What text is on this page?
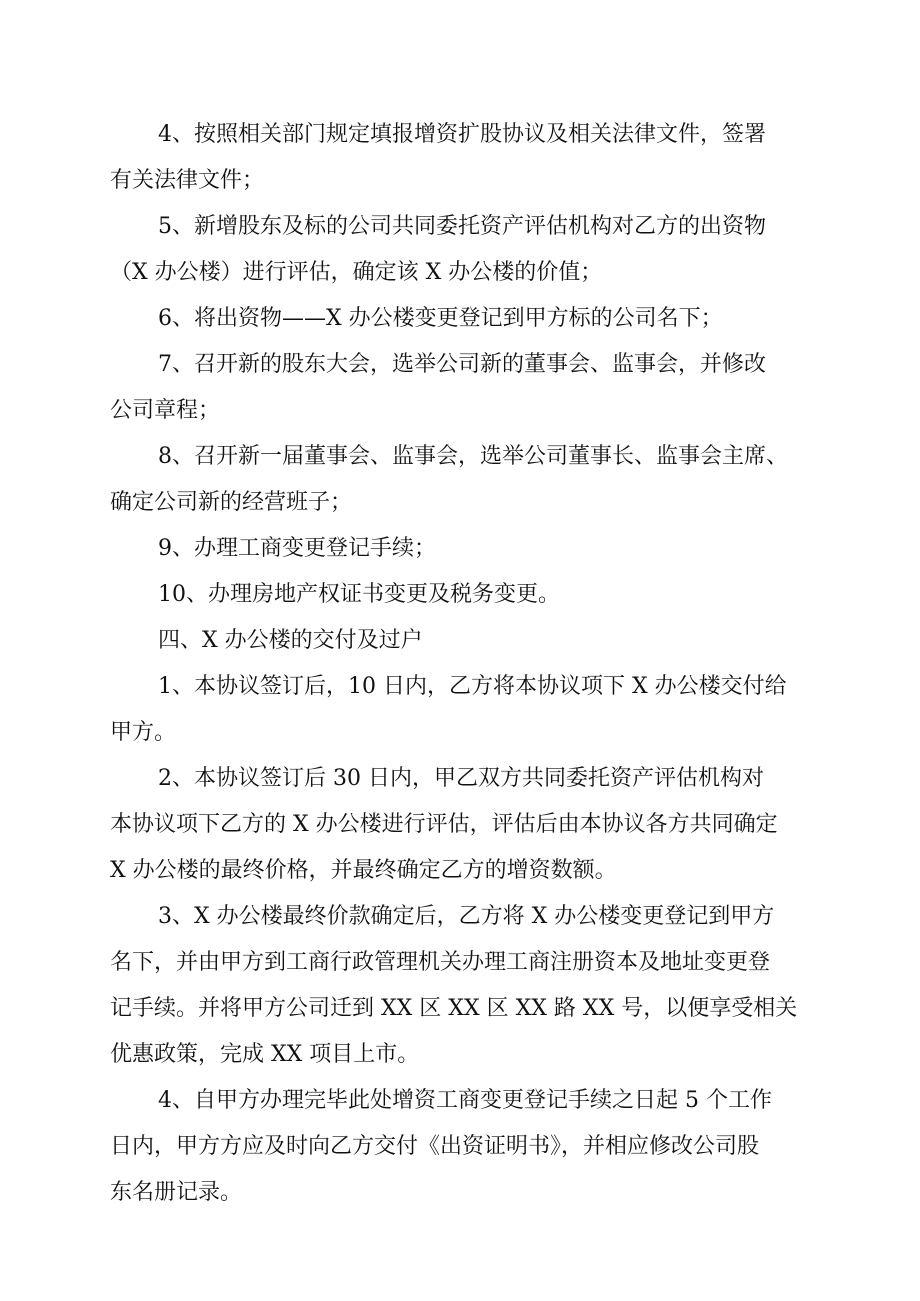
4、按照相关部门规定填报增资扩股协议及相关法律文件，签署
有关法律文件；
5、新增股东及标的公司共同委托资产评估机构对乙方的出资物
（X 办公楼）进行评估，确定该 X 办公楼的价值；
6、将出资物——X 办公楼变更登记到甲方标的公司名下；
7、召开新的股东大会，选举公司新的董事会、监事会，并修改
公司章程；
8、召开新一届董事会、监事会，选举公司董事长、监事会主席、
确定公司新的经营班子；
9、办理工商变更登记手续；
10、办理房地产权证书变更及税务变更。
四、X 办公楼的交付及过户
1、本协议签订后，10 日内，乙方将本协议项下 X 办公楼交付给
甲方。
2、本协议签订后 30 日内，甲乙双方共同委托资产评估机构对
本协议项下乙方的 X 办公楼进行评估，评估后由本协议各方共同确定
X 办公楼的最终价格，并最终确定乙方的增资数额。
3、X 办公楼最终价款确定后，乙方将 X 办公楼变更登记到甲方
名下，并由甲方到工商行政管理机关办理工商注册资本及地址变更登
记手续。并将甲方公司迁到 XX 区 XX 区 XX 路 XX 号，以便享受相关
优惠政策，完成 XX 项目上市。
4、自甲方办理完毕此处增资工商变更登记手续之日起 5 个工作
日内，甲方方应及时向乙方交付《出资证明书》，并相应修改公司股
东名册记录。
